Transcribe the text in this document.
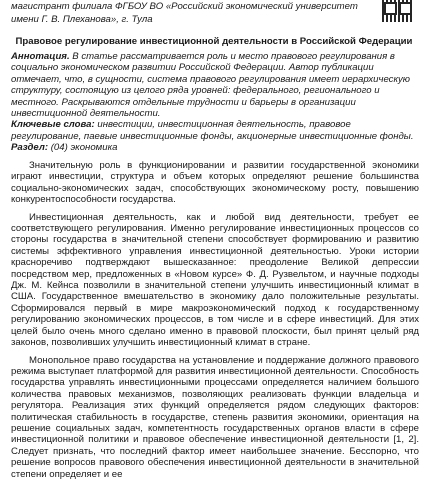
магистрант филиала ФГБОУ ВО «Российский экономический университет имени Г. В. Плеханова», г. Тула
Правовое регулирование инвестиционной деятельности в Российской Федерации

Аннотация. В статье рассматривается роль и место правового регулирования в социально экономическом развитии Российской Федерации. Автор публикации отмечает, что, в сущности, система правового регулирования имеет иерархическую структуру, состоящую из целого ряда уровней: федерального, регионального и местного. Раскрываются отдельные трудности и барьеры в организации инвестиционной деятельности.

Ключевые слова: инвестиции, инвестиционная деятельность, правовое регулирование, паевые инвестиционные фонды, акционерные инвестиционные фонды.

Раздел: (04) экономика

Значительную роль в функционировании и развитии государственной экономики играют инвестиции, структура и объем которых определяют решение большинства социально-экономических задач, способствующих экономическому росту, повышению конкурентоспособности государства.

Инвестиционная деятельность, как и любой вид деятельности, требует ее соответствующего регулирования. Именно регулирование инвестиционных процессов со стороны государства в значительной степени способствует формированию и развитию системы эффективного управления инвестиционной деятельностью. Уроки истории красноречиво подтверждают вышесказанное: преодоление Великой депрессии посредством мер, предложенных в «Новом курсе» Ф. Д. Рузвельтом, и научные подходы Дж. М. Кейнса позволили в значительной степени улучшить инвестиционный климат в США. Государственное вмешательство в экономику дало положительные результаты. Сформировался первый в мире макроэкономический подход к государственному регулированию экономических процессов, в том числе и в сфере инвестиций. Для этих целей было очень много сделано именно в правовой плоскости, был принят целый ряд законов, позволивших улучшить инвестиционный климат в стране.

Монопольное право государства на установление и поддержание должного правового режима выступает платформой для развития инвестиционной деятельности. Способность государства управлять инвестиционными процессами определяется наличием большого количества правовых механизмов, позволяющих реализовать функции владельца и регулятора. Реализация этих функций определяется рядом следующих факторов: политическая стабильность в государстве, степень развития экономики, ориентация на решение социальных задач, компетентность государственных органов власти в сфере инвестиционной политики и правовое обеспечение инвестиционной деятельности [1, 2]. Следует признать, что последний фактор имеет наибольшее значение. Бесспорно, что решение вопросов правового обеспечения инвестиционной деятельности в значительной степени определяет и ее
